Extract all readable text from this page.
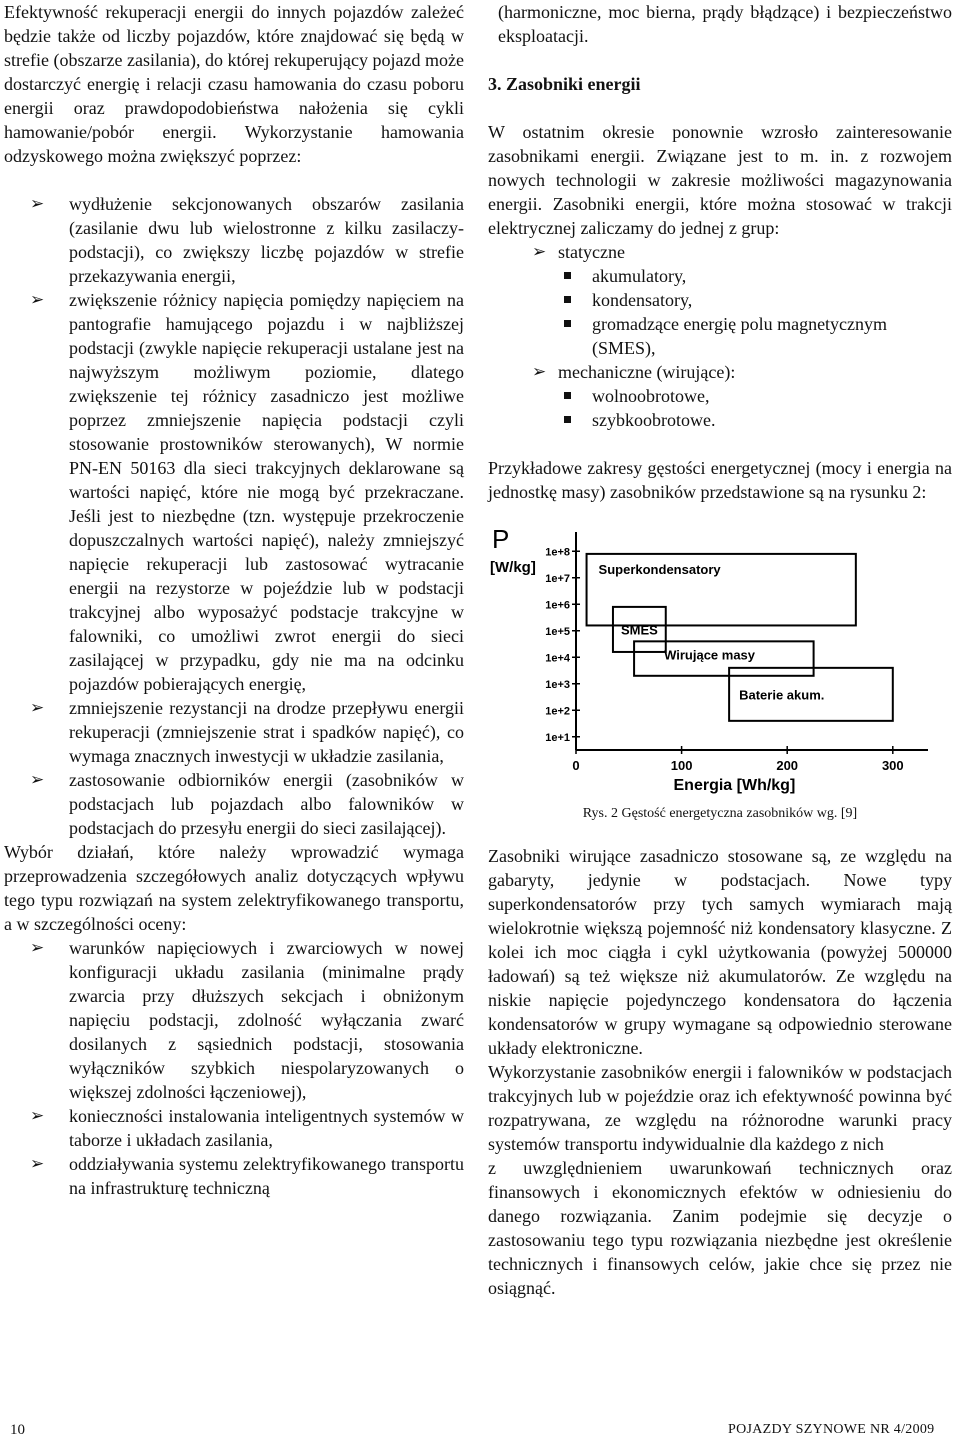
Efektywność rekuperacji energii do innych pojazdów zależeć będzie także od liczby pojazdów, które znajdować się będą w strefie (obszarze zasilania), do której rekuperujący pojazd może dostarczyć energię i relacji czasu hamowania do czasu poboru energii oraz prawdopodobieństwa nałożenia się cykli hamowanie/pobór energii. Wykorzystanie hamowania odzyskowego można zwiększyć poprzez:

➢ wydłużenie sekcjonowanych obszarów zasilania (zasilanie dwu lub wielostronne z kilku zasilaczy-podstacji), co zwiększy liczbę pojazdów w strefie przekazywania energii,
➢ zwiększenie różnicy napięcia pomiędzy napięciem na pantografie hamującego pojazdu i w najbliższej podstacji (zwykle napięcie rekuperacji ustalane jest na najwyższym możliwym poziomie, dlatego zwiększenie tej różnicy zasadniczo jest możliwe poprzez zmniejszenie napięcia podstacji czyli stosowanie prostowników sterowanych), W normie PN-EN 50163 dla sieci trakcyjnych deklarowane są wartości napięć, które nie mogą być przekraczane. Jeśli jest to niezbędne (tzn. występuje przekroczenie dopuszczalnych wartości napięć), należy zmniejszyć napięcie rekuperacji lub zastosować wytracanie energii na rezystorze w pojeździe lub w podstacji trakcyjnej albo wyposażyć podstacje trakcyjne w falowniki, co umożliwi zwrot energii do sieci zasilającej w przypadku, gdy nie ma na odcinku pojazdów pobierających energię,
➢ zmniejszenie rezystancji na drodze przepływu energii rekuperacji (zmniejszenie strat i spadków napięć), co wymaga znacznych inwestycji w układzie zasilania,
➢ zastosowanie odbiorników energii (zasobników w podstacjach lub pojazdach albo falowników w podstacjach do przesyłu energii do sieci zasilającej).

Wybór działań, które należy wprowadzić wymaga przeprowadzenia szczegółowych analiz dotyczących wpływu tego typu rozwiązań na system zelektryfikowanego transportu, a w szczególności oceny:

➢ warunków napięciowych i zwarciowych w nowej konfiguracji układu zasilania (minimalne prądy zwarcia przy dłuższych sekcjach i obniżonym napięciu podstacji, zdolność wyłączania zwarć dosilanych z sąsiednich podstacji, stosowania wyłączników szybkich niespolaryzowanych o większej zdolności łączeniowej),
➢ konieczności instalowania inteligentnych systemów w taborze i układach zasilania,
➢ oddziaływania systemu zelektryfikowanego transportu na infrastrukturę techniczną

(harmoniczne, moc bierna, prądy błądzące) i bezpieczeństwo eksploatacji.

3. Zasobniki energii

W ostatnim okresie ponownie wzrosło zainteresowanie zasobnikami energii. Związane jest to m. in. z rozwojem nowych technologii w zakresie możliwości magazynowania energii. Zasobniki energii, które można stosować w trakcji elektrycznej zaliczamy do jednej z grup:

➢ statyczne
akumulatory,
kondensatory,
gromadzące energię polu magnetycznym (SMES),
➢ mechaniczne (wirujące):
wolnoobrotowe,
szybkoobrotowe.

Przykładowe zakresy gęstości energetycznej (mocy i energia na jednostkę masy) zasobników przedstawione są na rysunku 2:

1e+8
1e+7
1e+6
1e+5
1e+4
1e+3
1e+2
1e+1
0	100	200	300
P
[W/kg]
Energia [Wh/kg]
Superkondensatory
SMES
Wirujące masy
Baterie akum.

Rys. 2 Gęstość energetyczna zasobników wg. [9]

Zasobniki wirujące zasadniczo stosowane są, ze względu na gabaryty, jedynie w podstacjach. Nowe typy superkondensatorów przy tych samych wymiarach mają wielokrotnie większą pojemność niż kondensatory klasyczne. Z kolei ich moc ciągła i cykl użytkowania (powyżej 500000 ładowań) są też większe niż akumulatorów. Ze względu na niskie napięcie pojedynczego kondensatora do łączenia kondensatorów w grupy wymagane są odpowiednio sterowane układy elektroniczne.

Wykorzystanie zasobników energii i falowników w podstacjach trakcyjnych lub w pojeździe oraz ich efektywność powinna być rozpatrywana, ze względu na różnorodne warunki pracy systemów transportu indywidualnie dla każdego z nich

z uwzględnieniem uwarunkowań technicznych oraz finansowych i ekonomicznych efektów w odniesieniu do danego rozwiązania. Zanim podejmie się decyzje o zastosowaniu tego typu rozwiązania niezbędne jest określenie technicznych i finansowych celów, jakie chce się przez nie osiągnąć.

10	POJAZDY SZYNOWE NR 4/2009
